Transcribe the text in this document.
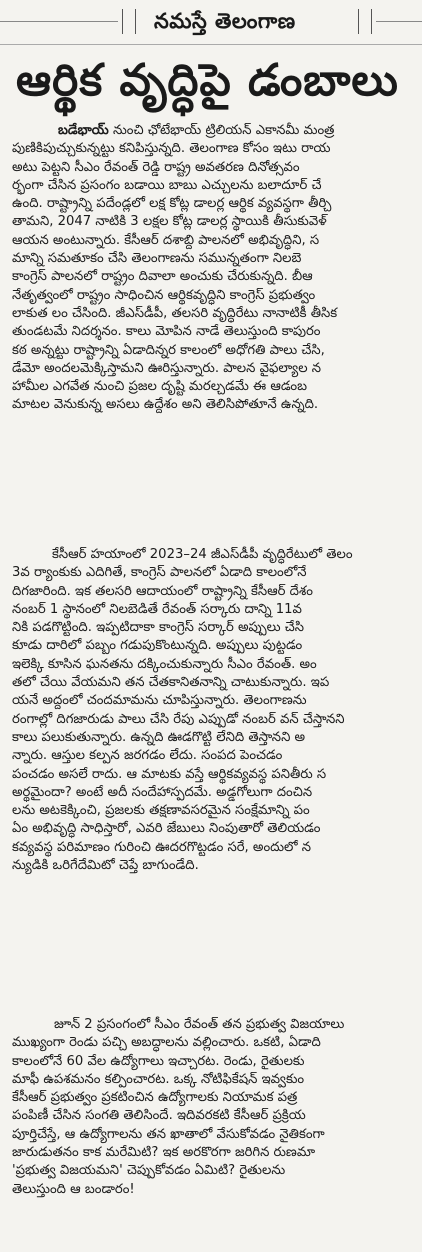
నమస్తే తెలంగాణ
ఆర్థిక వృద్ధిపై డంబాలు
బడేభాయ్ నుంచి ఛోటేభాయ్ ట్రిలియన్ ఎకానమీ మంత్ర
పుణికిపుచ్చుకున్నట్టు కనిపిస్తున్నది. తెలంగాణ కోసం ఇటు రాయ
అటు పెట్టని సీఎం రేవంత్ రెడ్డి రాష్ట్ర అవతరణ దినోత్సవం
ర్భంగా చేసిన ప్రసంగం బడాయి బాబు ఎచ్చులను బలాదూర్ చే
ఉంది. రాష్ట్రాన్ని పదేండ్లలో లక్ష కోట్ల డాలర్ల ఆర్థిక వ్యవస్థగా తీర్చి
తామని, 2047 నాటికి 3 లక్షల కోట్ల డాలర్ల స్థాయికి తీసుకువెళ్
ఆయన అంటున్నారు. కేసీఆర్ దశాబ్ది పాలనలో అభివృద్ధిని, స
మాన్ని సమతూకం చేసి తెలంగాణను సమున్నతంగా నిలబె
కాంగ్రెస్ పాలనలో రాష్ట్రం దివాలా అంచుకు చేరుకున్నది. బీఆ
నేతృత్వంలో రాష్ట్రం సాధించిన ఆర్థికవృద్ధిని కాంగ్రెస్ ప్రభుత్వం
లాకుత లం చేసింది. జీఎస్‌డీపీ, తలసరి వృద్ధిరేటు నానాటికీ తీసిక
తుండటమే నిదర్శనం. కాలు మోపిన నాడే తెలుస్తుంది కాపురం
కఠ అన్నట్టు రాష్ట్రాన్ని ఏడాదిన్నర కాలంలో అధోగతి పాలు చేసి,
డేమో అందలమెక్కిస్తామని ఊరిస్తున్నారు. పాలన వైఫల్యాల న
హామీల ఎగవేత నుంచి ప్రజల దృష్టి మరల్చడమే ఈ ఆడంబ
మాటల వెనుకున్న అసలు ఉద్దేశం అని తెలిసిపోతూనే ఉన్నది.
కేసీఆర్ హయాంలో 2023–24 జీఎస్‌డీపీ వృద్ధిరేటులో తెలం
3వ ర్యాంకుకు ఎదిగితే, కాంగ్రెస్ పాలనలో ఏడాది కాలంలోనే
దిగజారింది. ఇక తలసరి ఆదాయంలో రాష్ట్రాన్ని కేసీఆర్ దేశం
నంబర్ 1 స్థానంలో నిలబెడితే రేవంత్ సర్కారు దాన్ని 11వ
నికి పడగొట్టింది. ఇప్పటిదాకా కాంగ్రెస్ సర్కార్ అప్పులు చేసి
కూడు దారిలో పబ్బం గడుపుకొంటున్నది. అప్పులు పుట్టడం
ఇలెక్కి కూసిన ఘనతను దక్కించుకున్నారు సీఎం రేవంత్. అం
తలో చేయి వేయమని తన చేతకానితనాన్ని చాటుకున్నారు. ఇప
యనే అద్దంలో చందమామను చూపిస్తున్నారు. తెలంగాణను
రంగాల్లో దిగజారుడు పాలు చేసి రేపు ఎప్పుడో నంబర్ వన్ చేస్తానని
కాలు పలుకుతున్నారు. ఉన్నది ఊడగొట్టి లేనిది తెస్తానని అ
న్నారు. ఆస్తుల కల్పన జరగడం లేదు. సంపద పెంచడం
పంచడం అసలే రాదు. ఆ మాటకు వస్తే ఆర్థికవ్యవస్థ పనితీరు స
అర్థమైందా? అంటే అదీ సందేహాస్పదమే. అడ్డగోలుగా దంచిన
లను అటకెక్కించి, ప్రజలకు తక్షణావసరమైన సంక్షేమాన్ని పం
ఏం అభివృద్ధి సాధిస్తారో, ఎవరి జేబులు నింపుతారో తెలియడం
కవ్యవస్థ పరిమాణం గురించి ఊదరగొట్టడం సరే, అందులో న
న్యుడికి ఒరిగేదేమిటో చెప్తే బాగుండేది.
జూన్ 2 ప్రసంగంలో సీఎం రేవంత్ తన ప్రభుత్వ విజయాలు
ముఖ్యంగా రెండు పచ్చి అబద్ధాలను వల్లించారు. ఒకటి, ఏడాది
కాలంలోనే 60 వేల ఉద్యోగాలు ఇచ్చారట. రెండు, రైతులకు
మాఫీ ఉపశమనం కల్పించారట. ఒక్క నోటిఫికేషన్ ఇవ్వకుం
కేసీఆర్ ప్రభుత్వం ప్రకటించిన ఉద్యోగాలకు నియామక పత్ర
పంపిణీ చేసిన సంగతి తెలిసిందే. ఇదివరకటి కేసీఆర్ ప్రక్రియ
పూర్తిచేస్తే, ఆ ఉద్యోగాలను తన ఖాతాలో వేసుకోవడం నైతికంగా
జారుడుతనం కాక మరేమిటి? ఇక అరకొరగా జరిగిన రుణమా
'ప్రభుత్వ విజయమని' చెప్పుకోవడం ఏమిటి? రైతులను
తెలుస్తుంది ఆ బండారం!
